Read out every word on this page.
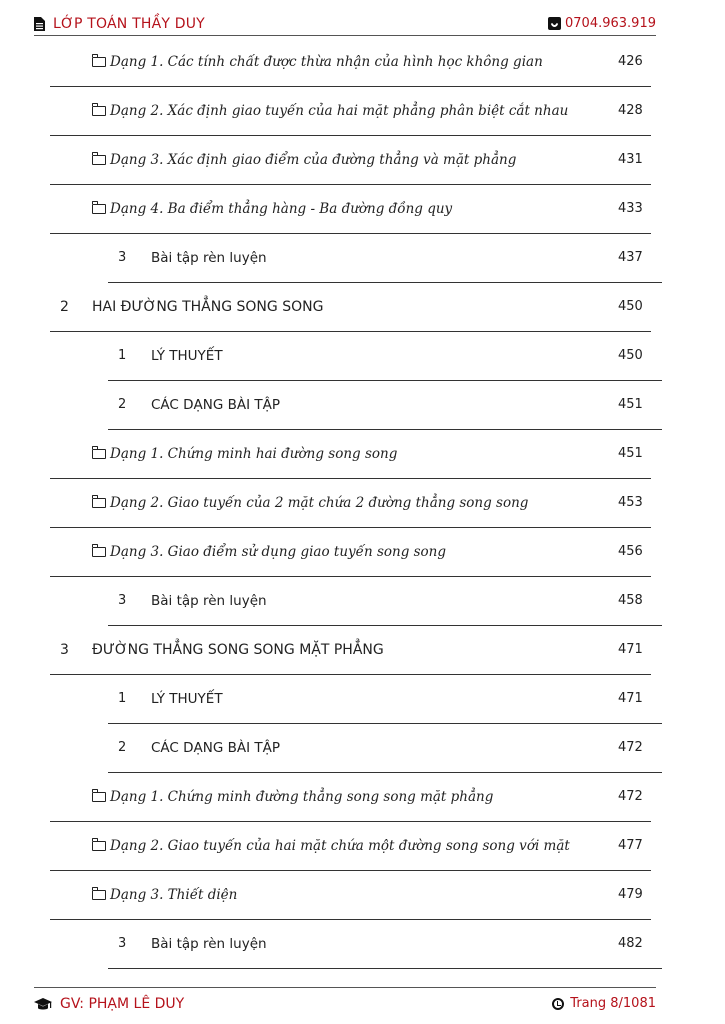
LỚP TOÁN THẦY DUY	0704.963.919
Dạng 1. Các tính chất được thừa nhận của hình học không gian	426
Dạng 2. Xác định giao tuyến của hai mặt phẳng phân biệt cắt nhau	428
Dạng 3. Xác định giao điểm của đường thẳng và mặt phẳng	431
Dạng 4. Ba điểm thẳng hàng - Ba đường đồng quy	433
3 Bài tập rèn luyện	437
2 HAI ĐƯỜNG THẲNG SONG SONG	450
1 LÝ THUYẾT	450
2 CÁC DẠNG BÀI TẬP	451
Dạng 1. Chứng minh hai đường song song	451
Dạng 2. Giao tuyến của 2 mặt chứa 2 đường thẳng song song	453
Dạng 3. Giao điểm sử dụng giao tuyến song song	456
3 Bài tập rèn luyện	458
3 ĐƯỜNG THẲNG SONG SONG MẶT PHẲNG	471
1 LÝ THUYẾT	471
2 CÁC DẠNG BÀI TẬP	472
Dạng 1. Chứng minh đường thẳng song song mặt phẳng	472
Dạng 2. Giao tuyến của hai mặt chứa một đường song song với mặt	477
Dạng 3. Thiết diện	479
3 Bài tập rèn luyện	482
GV: PHẠM LÊ DUY	Trang 8/1081
